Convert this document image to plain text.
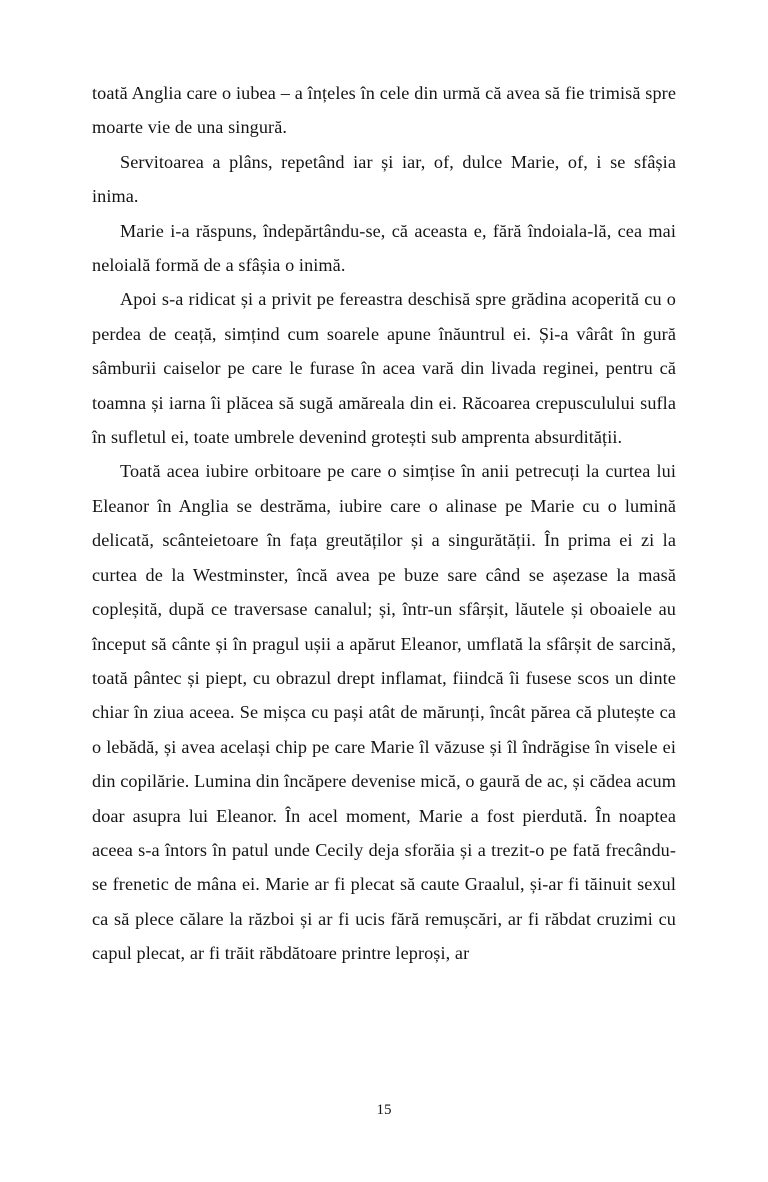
toată Anglia care o iubea – a înțeles în cele din urmă că avea să fie trimisă spre moarte vie de una singură.

Servitoarea a plâns, repetând iar și iar, of, dulce Marie, of, i se sfâșia inima.

Marie i-a răspuns, îndepărtându-se, că aceasta e, fără îndoiala-lă, cea mai neloială formă de a sfâșia o inimă.

Apoi s-a ridicat și a privit pe fereastra deschisă spre grădina acoperită cu o perdea de ceață, simțind cum soarele apune înăuntrul ei. Și-a vârât în gură sâmburii caiselor pe care le furase în acea vară din livada reginei, pentru că toamna și iarna îi plăcea să sugă amăreala din ei. Răcoarea crepusculului sufla în sufletul ei, toate umbrele devenind grotești sub amprenta absurdității.

Toată acea iubire orbitoare pe care o simțise în anii petrecuți la curtea lui Eleanor în Anglia se destrăma, iubire care o alinase pe Marie cu o lumină delicată, scânteietoare în fața greutăților și a singurătății. În prima ei zi la curtea de la Westminster, încă avea pe buze sare când se așezase la masă copleșită, după ce traversase canalul; și, într-un sfârșit, lăutele și oboaiele au început să cânte și în pragul ușii a apărut Eleanor, umflată la sfârșit de sarcină, toată pântec și piept, cu obrazul drept inflamat, fiindcă îi fusese scos un dinte chiar în ziua aceea. Se mișca cu pași atât de mărunți, încât părea că plutește ca o lebădă, și avea același chip pe care Marie îl văzuse și îl îndrăgise în visele ei din copilărie. Lumina din încăpere devenise mică, o gaură de ac, și cădea acum doar asupra lui Eleanor. În acel moment, Marie a fost pierdută. În noaptea aceea s-a întors în patul unde Cecily deja sforăia și a trezit-o pe fată frecându-se frenetic de mâna ei. Marie ar fi plecat să caute Graalul, și-ar fi tăinuit sexul ca să plece călare la război și ar fi ucis fără remușcări, ar fi răbdat cruzimi cu capul plecat, ar fi trăit răbdătoare printre leproși, ar

15
